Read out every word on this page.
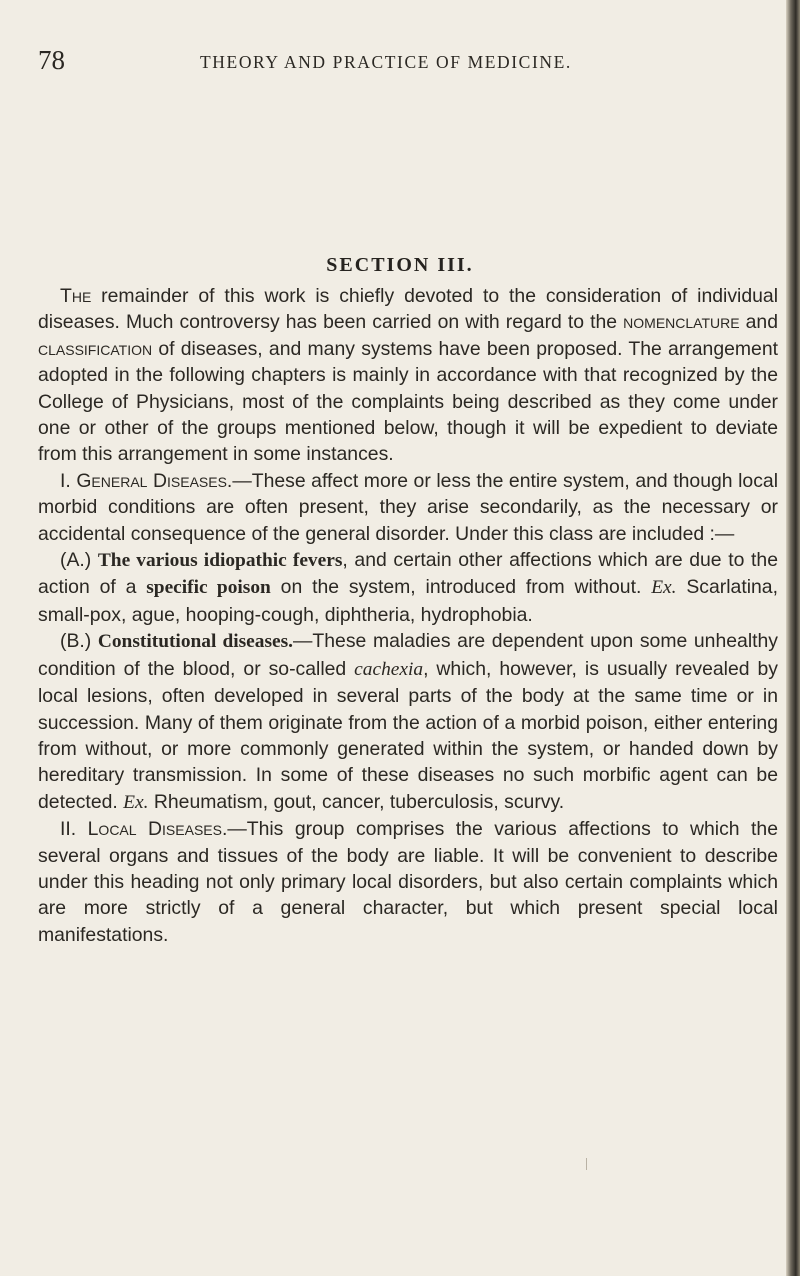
78	THEORY AND PRACTICE OF MEDICINE.
SECTION III.

The remainder of this work is chiefly devoted to the consideration of individual diseases. Much controversy has been carried on with regard to the nomenclature and classification of diseases, and many systems have been proposed. The arrangement adopted in the following chapters is mainly in accordance with that recognized by the College of Physicians, most of the complaints being described as they come under one or other of the groups mentioned below, though it will be expedient to deviate from this arrangement in some instances.

I. General Diseases.—These affect more or less the entire system, and though local morbid conditions are often present, they arise secondarily, as the necessary or accidental consequence of the general disorder. Under this class are included :—

(A.) The various idiopathic fevers, and certain other affections which are due to the action of a specific poison on the system, introduced from without. Ex. Scarlatina, small-pox, ague, hooping-cough, diphtheria, hydrophobia.

(B.) Constitutional diseases.—These maladies are dependent upon some unhealthy condition of the blood, or so-called cachexia, which, however, is usually revealed by local lesions, often developed in several parts of the body at the same time or in succession. Many of them originate from the action of a morbid poison, either entering from without, or more commonly generated within the system, or handed down by hereditary transmission. In some of these diseases no such morbific agent can be detected. Ex. Rheumatism, gout, cancer, tuberculosis, scurvy.

II. Local Diseases.—This group comprises the various affections to which the several organs and tissues of the body are liable. It will be convenient to describe under this heading not only primary local disorders, but also certain complaints which are more strictly of a general character, but which present special local manifestations.
